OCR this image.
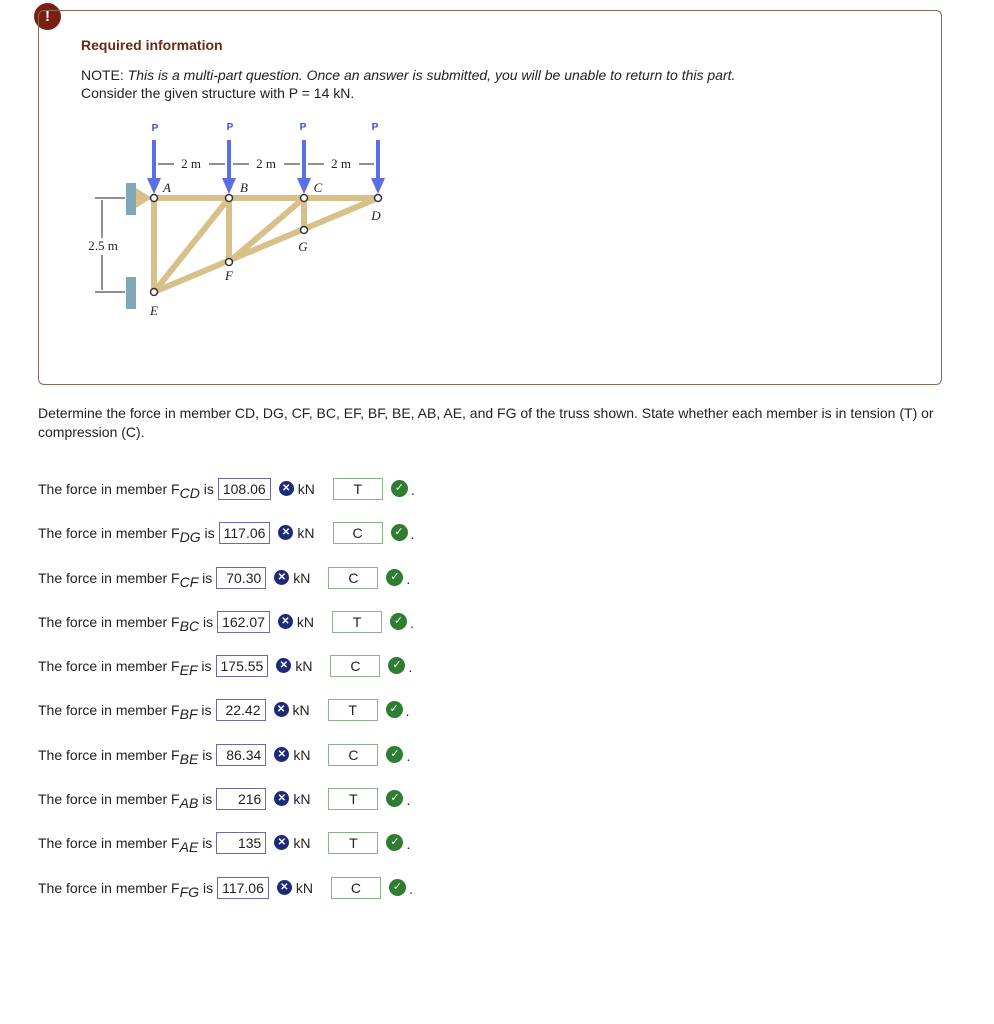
!
Required information
NOTE: This is a multi-part question. Once an answer is submitted, you will be unable to return to this part.
Consider the given structure with P = 14 kN.
P	P	P	P
2 m	2 m	2 m
2.5 m
A	B	C
D
E
F
G
Determine the force in member CD, DG, CF, BC, EF, BF, BE, AB, AE, and FG of the truss shown. State whether each member is in tension (T) or compression (C).
The force in member $F_{CD}$ is 108.06	✕ kN	T	✓ .
The force in member $F_{DG}$ is 117.06	✕ kN	C	✓ .
The force in member $F_{CF}$ is 70.30	✕ kN	C	✓ .
The force in member $F_{BC}$ is 162.07	✕ kN	T	✓ .
The force in member $F_{EF}$ is 175.55	✕ kN	C	✓ .
The force in member $F_{BF}$ is 22.42	✕ kN	T	✓ .
The force in member $F_{BE}$ is 86.34	✕ kN	C	✓ .
The force in member $F_{AB}$ is	216	✕ kN	T	✓ .
The force in member $F_{AE}$ is	135	✕ kN	T	✓ .
The force in member $F_{FG}$ is 117.06	✕ kN	C	✓ .
